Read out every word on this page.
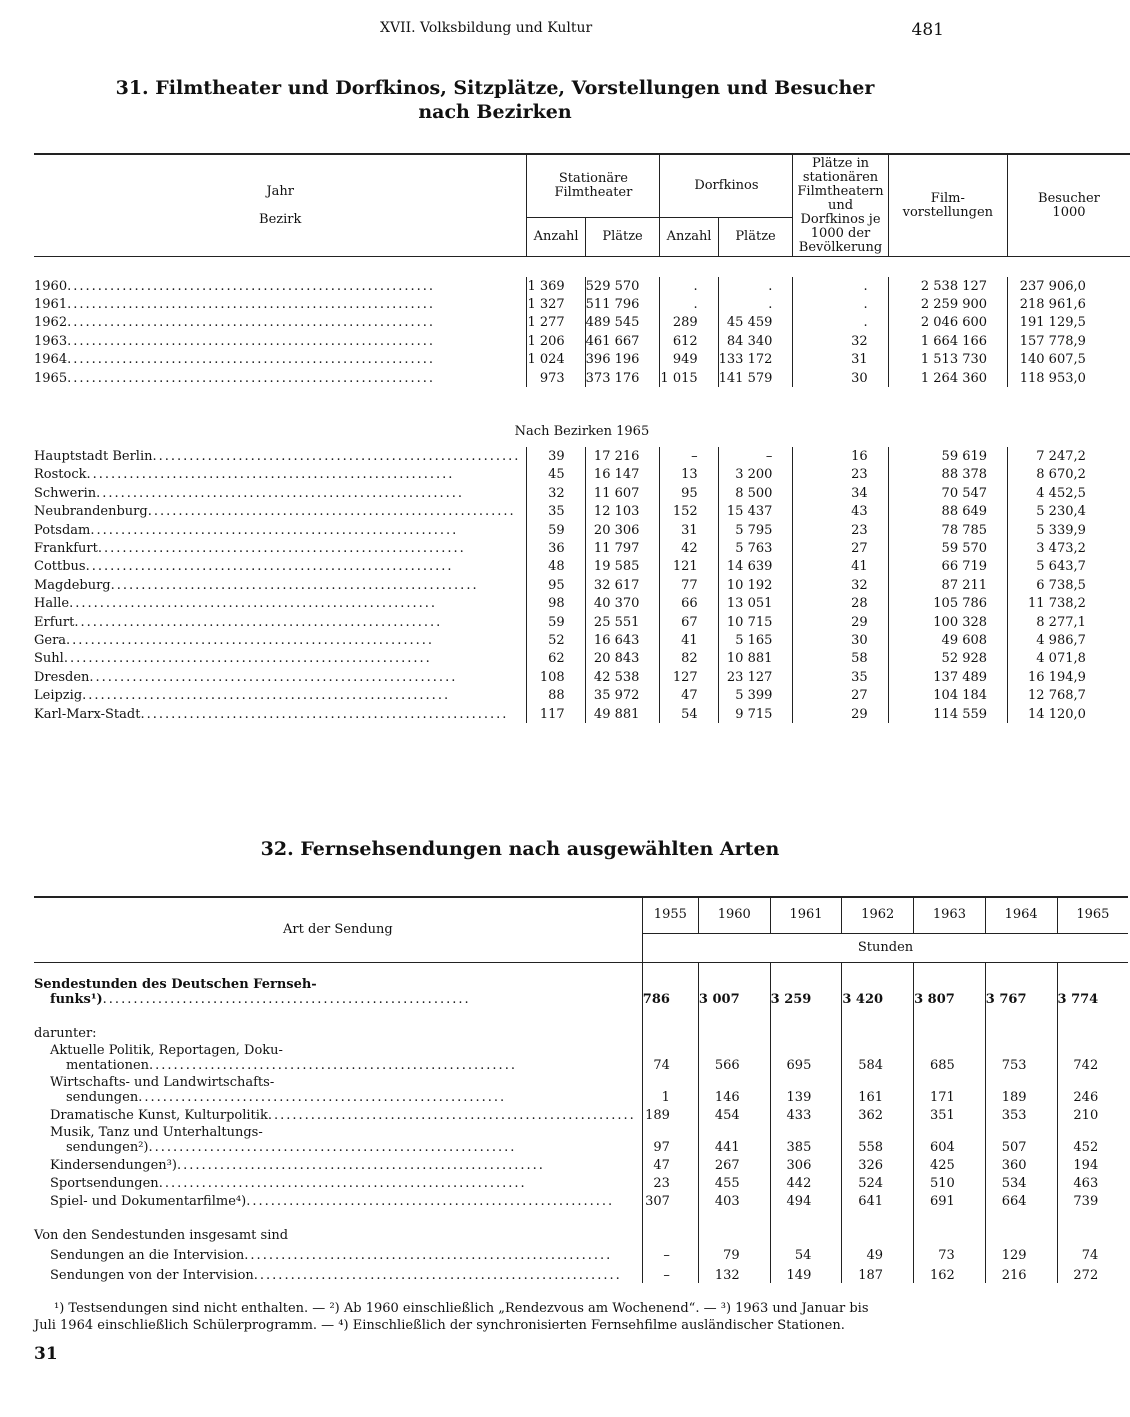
XVII. Volksbildung und Kultur	481
31. Filmtheater und Dorfkinos, Sitzplätze, Vorstellungen und Besucher
nach Bezirken
Jahr
Bezirk	Stationäre Filmtheater		Dorfkinos		Plätze in stationären Filmtheatern und Dorfkinos je 1000 der Bevölkerung	Film-vorstellungen	Besucher 1000
	Anzahl	Plätze	Anzahl	Plätze			

1960 ............................................................	1 369	529 570	.	.	.	2 538 127	237 906,0

1961 ............................................................	1 327	511 796	.	.	.	2 259 900	218 961,6

1962 ............................................................	1 277	489 545	289	45 459	.	2 046 600	191 129,5

1963 ............................................................	1 206	461 667	612	84 340	32	1 664 166	157 778,9

1964 ............................................................	1 024	396 196	949	133 172	31	1 513 730	140 607,5

1965 ............................................................	973	373 176	1 015	141 579	30	1 264 360	118 953,0
Nach Bezirken 1965							

Hauptstadt Berlin ............................................................	39	17 216	–	–	16	59 619	7 247,2

Rostock ............................................................	45	16 147	13	3 200	23	88 378	8 670,2

Schwerin ............................................................	32	11 607	95	8 500	34	70 547	4 452,5

Neubrandenburg ............................................................	35	12 103	152	15 437	43	88 649	5 230,4

Potsdam ............................................................	59	20 306	31	5 795	23	78 785	5 339,9

Frankfurt ............................................................	36	11 797	42	5 763	27	59 570	3 473,2

Cottbus ............................................................	48	19 585	121	14 639	41	66 719	5 643,7

Magdeburg ............................................................	95	32 617	77	10 192	32	87 211	6 738,5

Halle ............................................................	98	40 370	66	13 051	28	105 786	11 738,2

Erfurt ............................................................	59	25 551	67	10 715	29	100 328	8 277,1

Gera ............................................................	52	16 643	41	5 165	30	49 608	4 986,7

Suhl ............................................................	62	20 843	82	10 881	58	52 928	4 071,8

Dresden ............................................................	108	42 538	127	23 127	35	137 489	16 194,9

Leipzig ............................................................	88	35 972	47	5 399	27	104 184	12 768,7

Karl-Marx-Stadt ............................................................	117	49 881	54	9 715	29	114 559	14 120,0
32. Fernsehsendungen nach ausgewählten Arten
Art der Sendung	1955	1960	1961	1962	1963	1964	1965
	Stunden						

Sendestunden des Deutschen Fernseh-
funks¹) ............................................................	786	3 007	3 259	3 420	3 807	3 767	3 774
darunter:							

Aktuelle Politik, Reportagen, Doku-
mentationen ............................................................	74	566	695	584	685	753	742

Wirtschafts- und Landwirtschafts-
sendungen ............................................................	1	146	139	161	171	189	246

Dramatische Kunst, Kulturpolitik ............................................................	189	454	433	362	351	353	210

Musik, Tanz und Unterhaltungs-
sendungen²) ............................................................	97	441	385	558	604	507	452

Kindersendungen³) ............................................................	47	267	306	326	425	360	194

Sportsendungen ............................................................	23	455	442	524	510	534	463

Spiel- und Dokumentarfilme⁴) ............................................................	307	403	494	641	691	664	739
Von den Sendestunden insgesamt sind							

Sendungen an die Intervision ............................................................	–	79	54	49	73	129	74

Sendungen von der Intervision ............................................................	–	132	149	187	162	216	272
¹) Testsendungen sind nicht enthalten. — ²) Ab 1960 einschließlich „Rendezvous am Wochenend“. — ³) 1963 und Januar bis
Juli 1964 einschließlich Schülerprogramm. — ⁴) Einschließlich der synchronisierten Fernsehfilme ausländischer Stationen.
31
